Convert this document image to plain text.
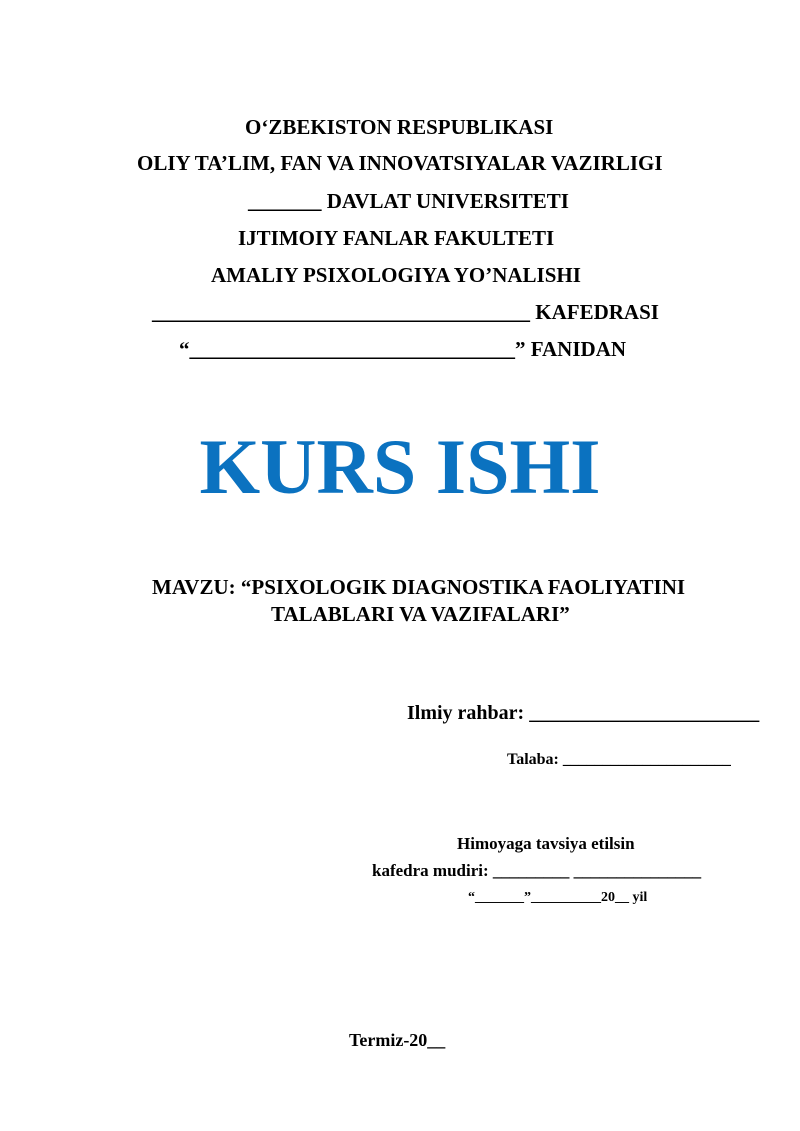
O‘ZBEKISTON RESPUBLIKASI
OLIY TA’LIM, FAN VA INNOVATSIYALAR VAZIRLIGI
_______ DAVLAT UNIVERSITETI
IJTIMOIY FANLAR FAKULTETI
AMALIY PSIXOLOGIYA YO’NALISHI
____________________________________ KAFEDRASI
“_______________________________” FANIDAN
KURS ISHI
MAVZU: “PSIXOLOGIK DIAGNOSTIKA FAOLIYATINI
TALABLARI VA VAZIFALARI”
Ilmiy rahbar: _______________________
Talaba: _____________________
Himoyaga tavsiya etilsin
kafedra mudiri: _________ _______________
“_______”__________20__ yil
Termiz-20__
